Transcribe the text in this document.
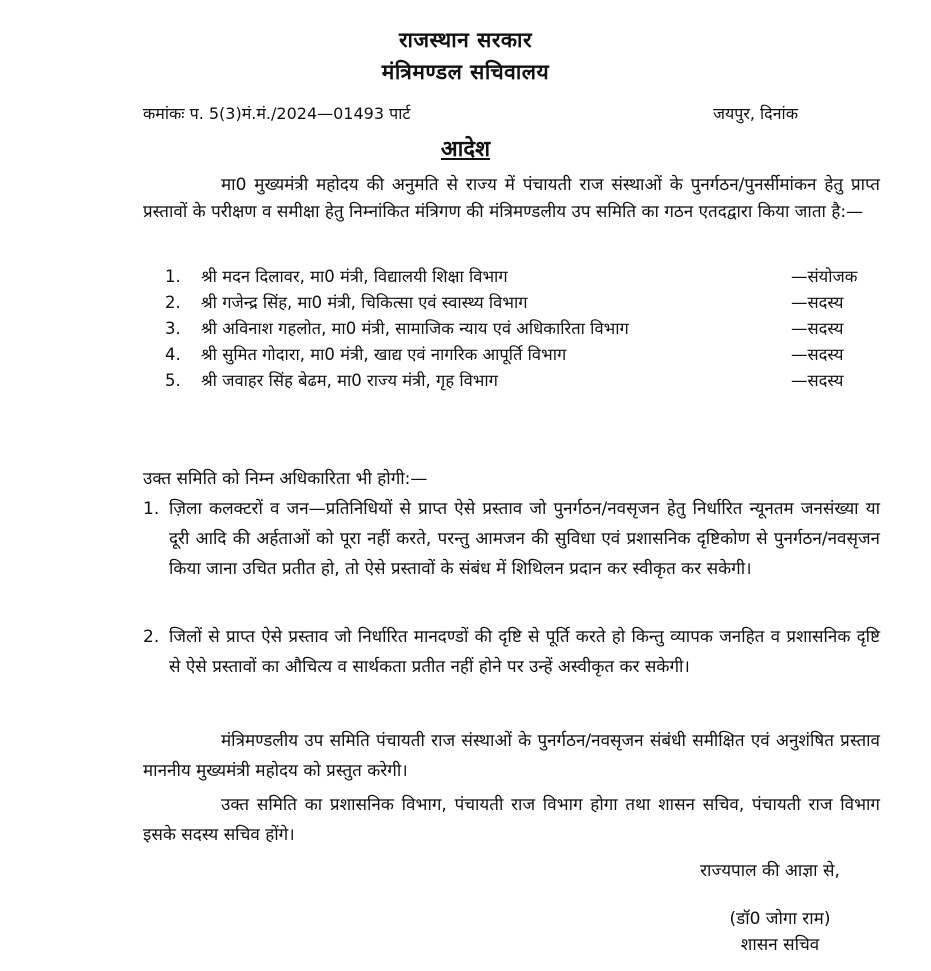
राजस्थान सरकार
मंत्रिमण्डल सचिवालय
कमांकः प. 5(3)मं.मं./2024—01493 पार्ट	जयपुर, दिनांक
आदेश
मा0 मुख्यमंत्री महोदय की अनुमति से राज्य में पंचायती राज संस्थाओं के पुनर्गठन/पुनर्सीमांकन हेतु प्राप्त प्रस्तावों के परीक्षण व समीक्षा हेतु निम्नांकित मंत्रिगण की मंत्रिमण्डलीय उप समिति का गठन एतदद्वारा किया जाता है:—
1.	श्री मदन दिलावर, मा0 मंत्री, विद्यालयी शिक्षा विभाग	—संयोजक
2.	श्री गजेन्द्र सिंह, मा0 मंत्री, चिकित्सा एवं स्वास्थ्य विभाग	—सदस्य
3.	श्री अविनाश गहलोत, मा0 मंत्री, सामाजिक न्याय एवं अधिकारिता विभाग	—सदस्य
4.	श्री सुमित गोदारा, मा0 मंत्री, खाद्य एवं नागरिक आपूर्ति विभाग	—सदस्य
5.	श्री जवाहर सिंह बेढम, मा0 राज्य मंत्री, गृह विभाग	—सदस्य
उक्त समिति को निम्न अधिकारिता भी होगी:—
1. ज़िला कलक्टरों व जन—प्रतिनिधियों से प्राप्त ऐसे प्रस्ताव जो पुनर्गठन/नवसृजन हेतु निर्धारित न्यूनतम जनसंख्या या दूरी आदि की अर्हताओं को पूरा नहीं करते, परन्तु आमजन की सुविधा एवं प्रशासनिक दृष्टिकोण से पुनर्गठन/नवसृजन किया जाना उचित प्रतीत हो, तो ऐसे प्रस्तावों के संबंध में शिथिलन प्रदान कर स्वीकृत कर सकेगी।
2. जिलों से प्राप्त ऐसे प्रस्ताव जो निर्धारित मानदण्डों की दृष्टि से पूर्ति करते हो किन्तु व्यापक जनहित व प्रशासनिक दृष्टि से ऐसे प्रस्तावों का औचित्य व सार्थकता प्रतीत नहीं होने पर उन्हें अस्वीकृत कर सकेगी।
मंत्रिमण्डलीय उप समिति पंचायती राज संस्थाओं के पुनर्गठन/नवसृजन संबंधी समीक्षित एवं अनुशंषित प्रस्ताव माननीय मुख्यमंत्री महोदय को प्रस्तुत करेगी।
उक्त समिति का प्रशासनिक विभाग, पंचायती राज विभाग होगा तथा शासन सचिव, पंचायती राज विभाग इसके सदस्य सचिव होंगे।
राज्यपाल की आज्ञा से,
(डॉ0 जोगा राम)
शासन सचिव
